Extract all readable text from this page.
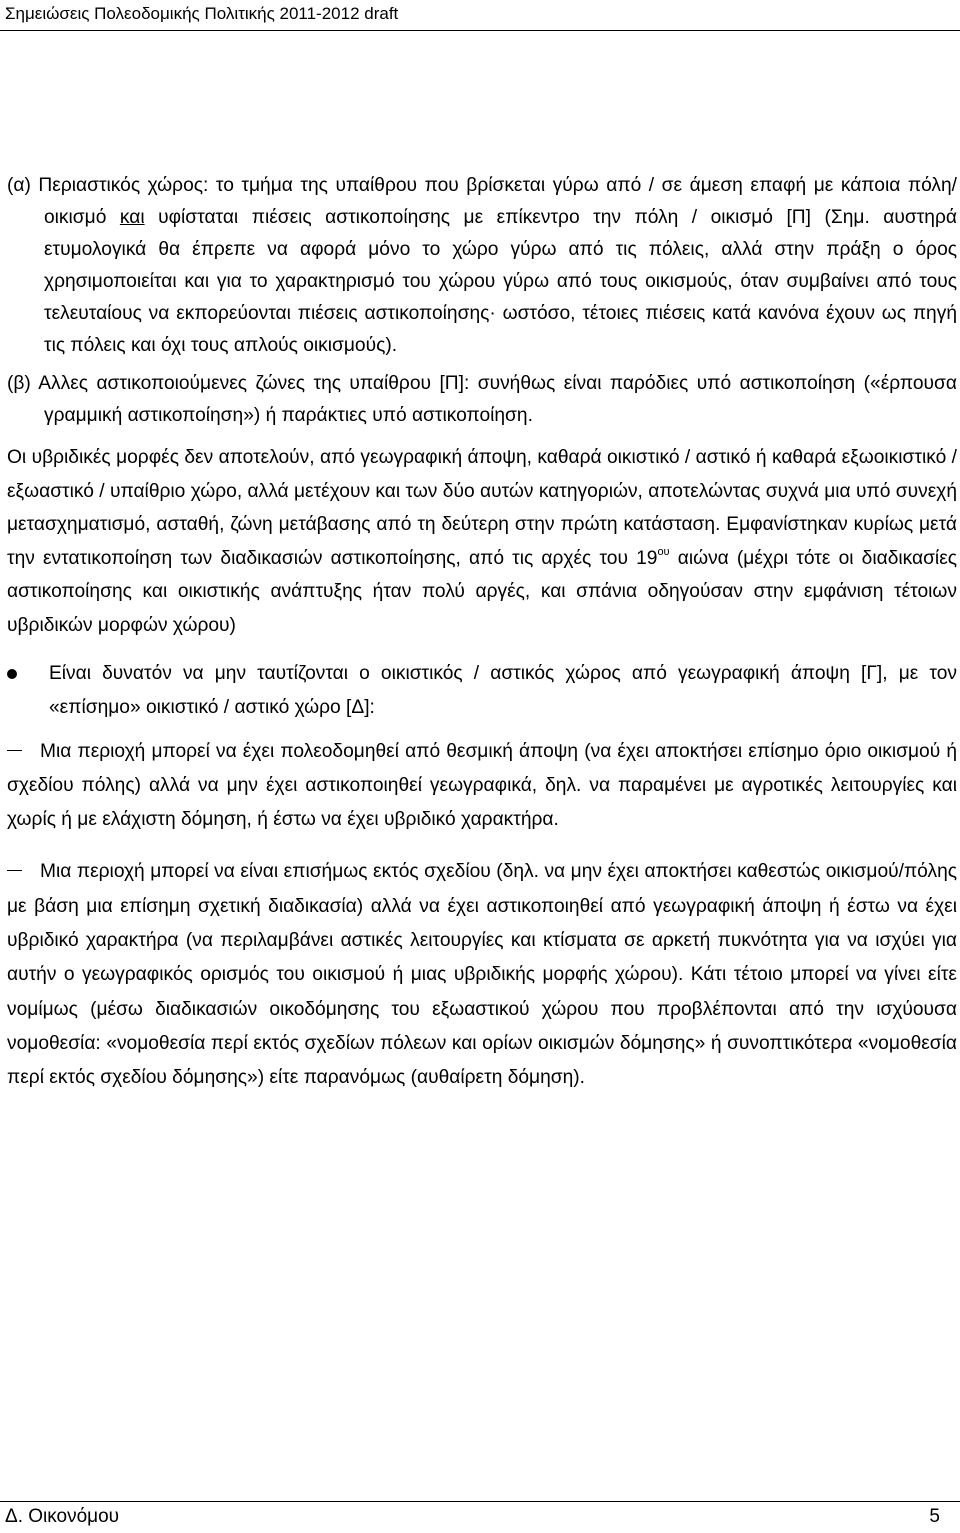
Σημειώσεις Πολεοδομικής Πολιτικής 2011-2012 draft

(α) Περιαστικός χώρος: το τμήμα της υπαίθρου που βρίσκεται γύρω από / σε άμεση επαφή με κάποια πόλη/οικισμό και υφίσταται πιέσεις αστικοποίησης με επίκεντρο την πόλη / οικισμό [Π] (Σημ. αυστηρά ετυμολογικά θα έπρεπε να αφορά μόνο το χώρο γύρω από τις πόλεις, αλλά στην πράξη ο όρος χρησιμοποιείται και για το χαρακτηρισμό του χώρου γύρω από τους οικισμούς, όταν συμβαίνει από τους τελευταίους να εκπορεύονται πιέσεις αστικοποίησης· ωστόσο, τέτοιες πιέσεις κατά κανόνα έχουν ως πηγή τις πόλεις και όχι τους απλούς οικισμούς).

(β) Αλλες αστικοποιούμενες ζώνες της υπαίθρου [Π]: συνήθως είναι παρόδιες υπό αστικοποίηση («έρπουσα γραμμική αστικοποίηση») ή παράκτιες υπό αστικοποίηση.

Οι υβριδικές μορφές δεν αποτελούν, από γεωγραφική άποψη, καθαρά οικιστικό / αστικό ή καθαρά εξωοικιστικό / εξωαστικό / υπαίθριο χώρο, αλλά μετέχουν και των δύο αυτών κατηγοριών, αποτελώντας συχνά μια υπό συνεχή μετασχηματισμό, ασταθή, ζώνη μετάβασης από τη δεύτερη στην πρώτη κατάσταση. Εμφανίστηκαν κυρίως μετά την εντατικοποίηση των διαδικασιών αστικοποίησης, από τις αρχές του $19^{o\upsilon}$ αιώνα (μέχρι τότε οι διαδικασίες αστικοποίησης και οικιστικής ανάπτυξης ήταν πολύ αργές, και σπάνια οδηγούσαν στην εμφάνιση τέτοιων υβριδικών μορφών χώρου)

Είναι δυνατόν να μην ταυτίζονται ο οικιστικός / αστικός χώρος από γεωγραφική άποψη [Γ], με τον «επίσημο» οικιστικό / αστικό χώρο [Δ]:
Μια περιοχή μπορεί να έχει πολεοδομηθεί από θεσμική άποψη (να έχει αποκτήσει επίσημο όριο οικισμού ή σχεδίου πόλης) αλλά να μην έχει αστικοποιηθεί γεωγραφικά, δηλ. να παραμένει με αγροτικές λειτουργίες και χωρίς ή με ελάχιστη δόμηση, ή έστω να έχει υβριδικό χαρακτήρα.
Μια περιοχή μπορεί να είναι επισήμως εκτός σχεδίου (δηλ. να μην έχει αποκτήσει καθεστώς οικισμού/πόλης με βάση μια επίσημη σχετική διαδικασία) αλλά να έχει αστικοποιηθεί από γεωγραφική άποψη ή έστω να έχει υβριδικό χαρακτήρα (να περιλαμβάνει αστικές λειτουργίες και κτίσματα σε αρκετή πυκνότητα για να ισχύει για αυτήν ο γεωγραφικός ορισμός του οικισμού ή μιας υβριδικής μορφής χώρου). Κάτι τέτοιο μπορεί να γίνει είτε νομίμως (μέσω διαδικασιών οικοδόμησης του εξωαστικού χώρου που προβλέπονται από την ισχύουσα νομοθεσία: «νομοθεσία περί εκτός σχεδίων πόλεων και ορίων οικισμών δόμησης» ή συνοπτικότερα «νομοθεσία περί εκτός σχεδίου δόμησης») είτε παρανόμως (αυθαίρετη δόμηση).
Δ. Οικονόμου	5
